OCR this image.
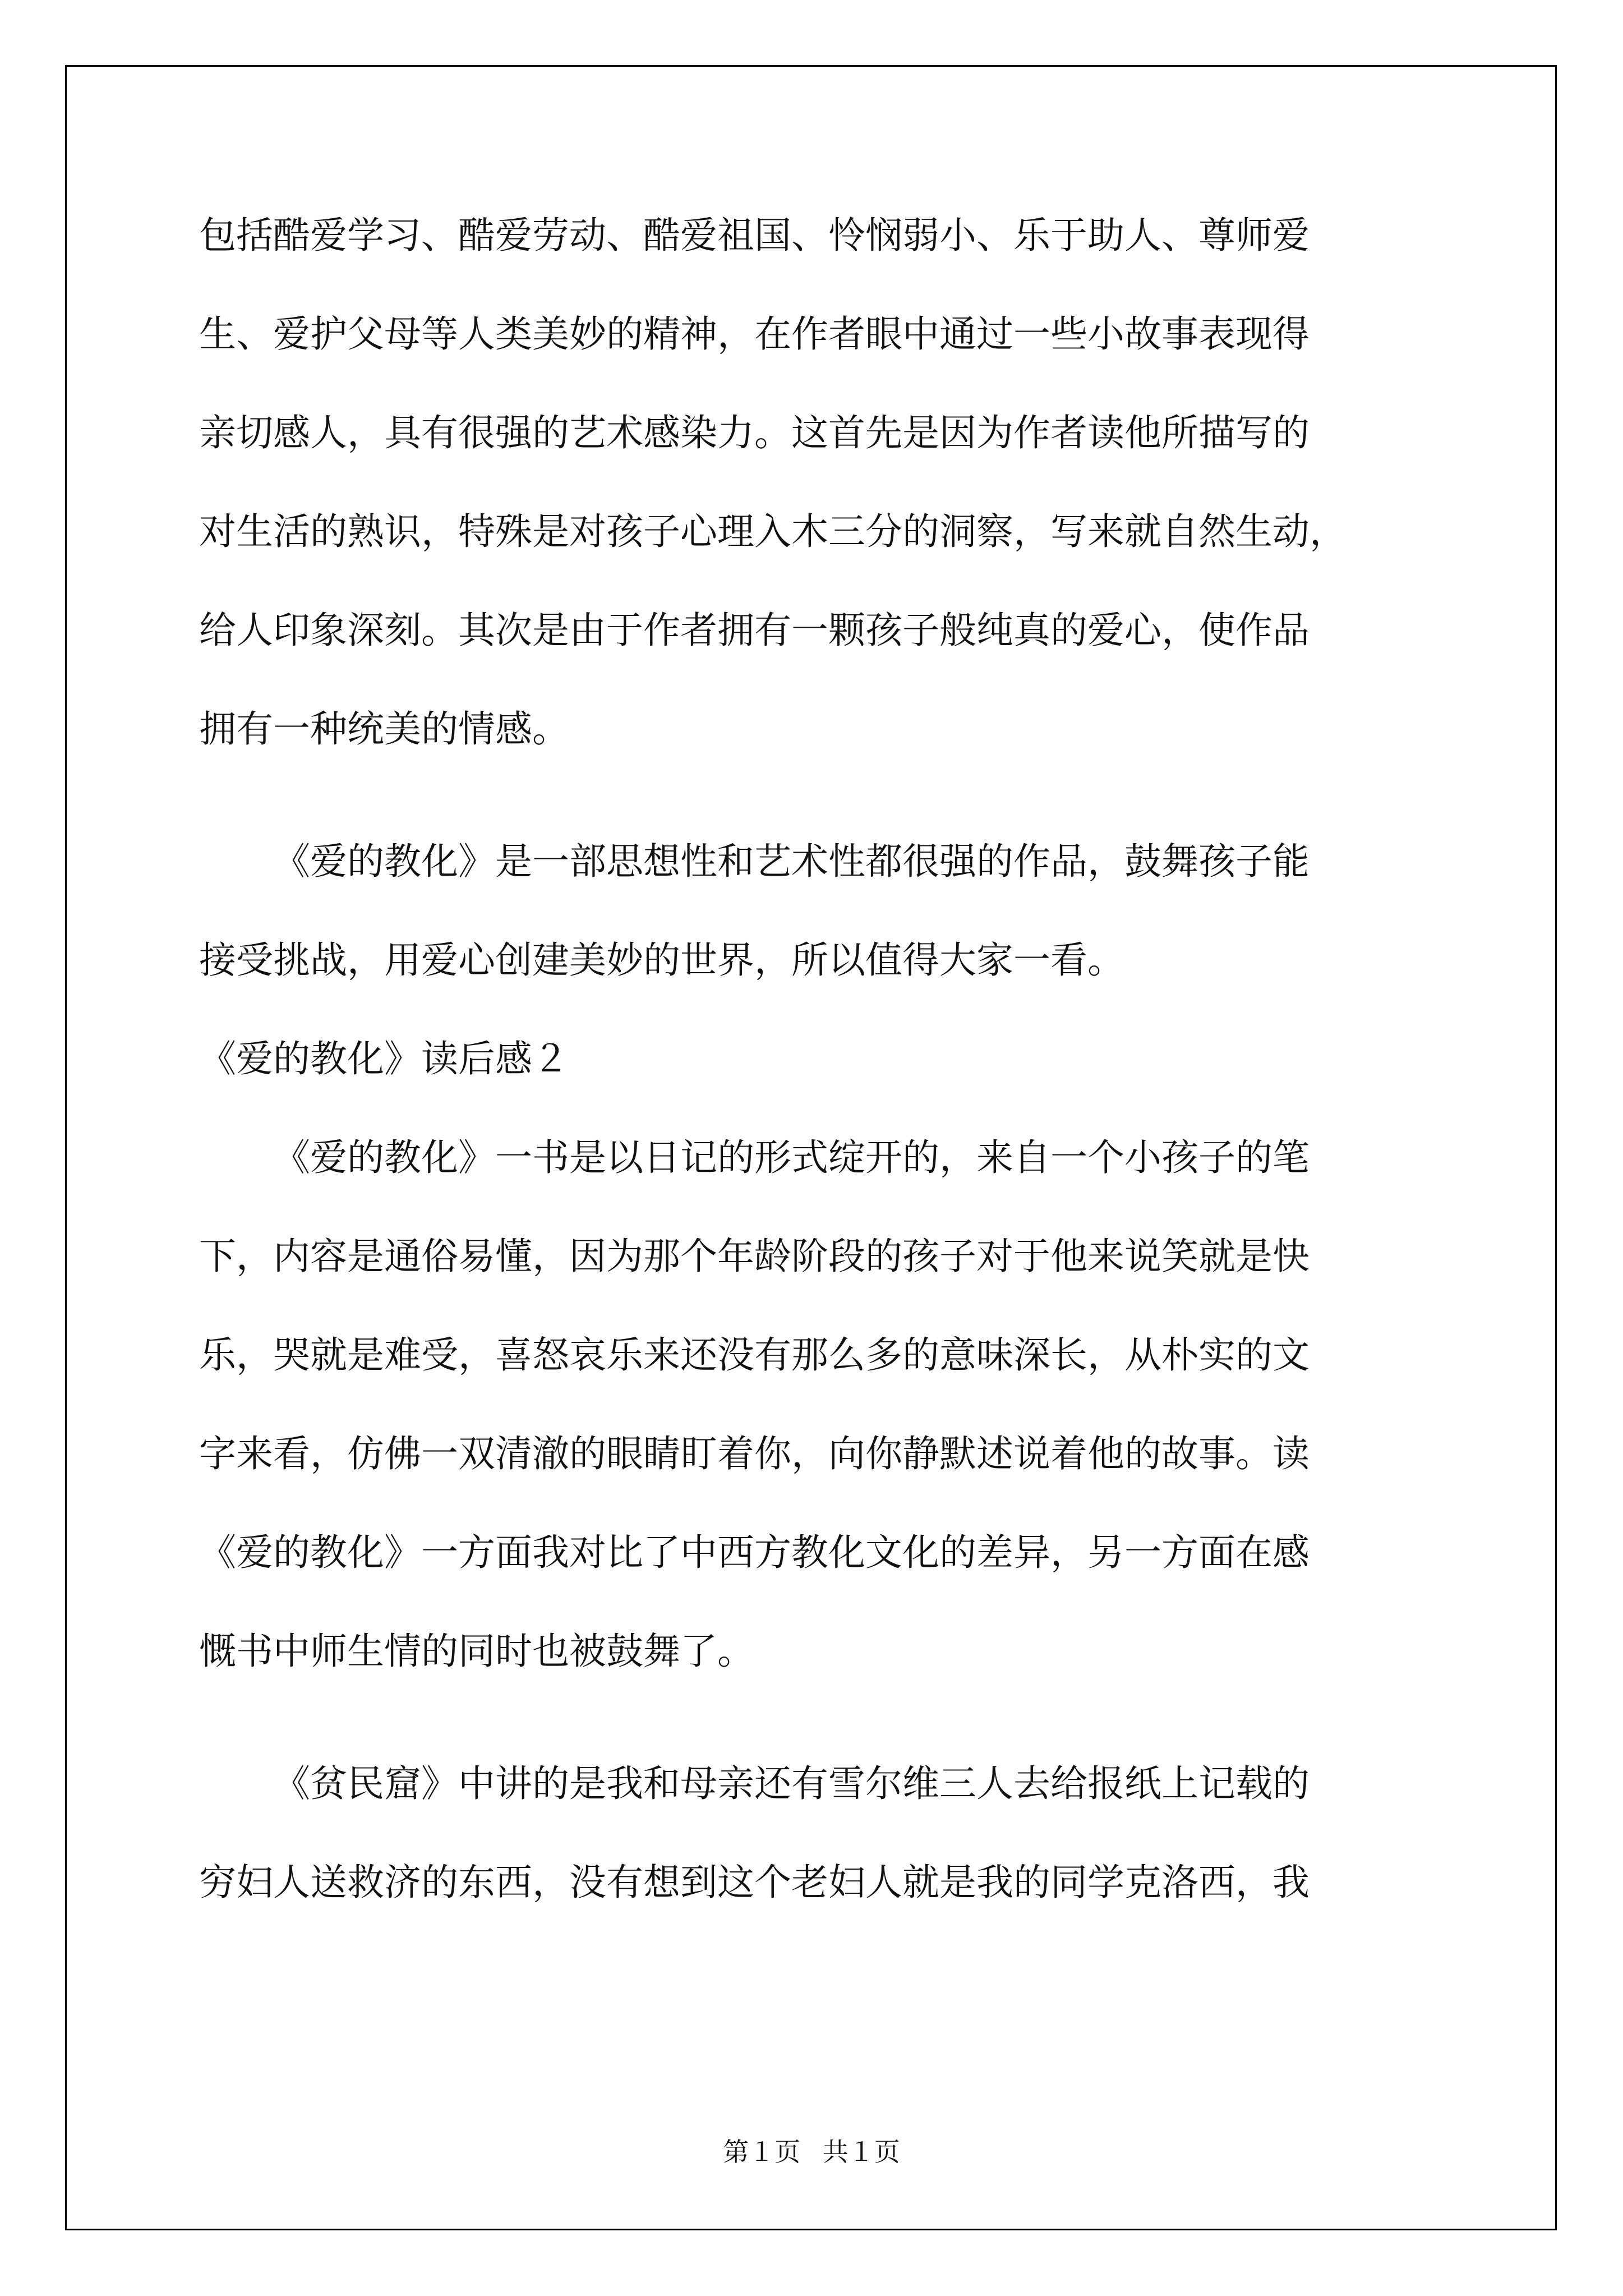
包括酷爱学习、酷爱劳动、酷爱祖国、怜悯弱小、乐于助人、尊师爱
生、爱护父母等人类美妙的精神，在作者眼中通过一些小故事表现得
亲切感人，具有很强的艺术感染力。这首先是因为作者读他所描写的
对生活的熟识，特殊是对孩子心理入木三分的洞察，写来就自然生动，
给人印象深刻。其次是由于作者拥有一颗孩子般纯真的爱心，使作品
拥有一种统美的情感。
《爱的教化》是一部思想性和艺术性都很强的作品，鼓舞孩子能
接受挑战，用爱心创建美妙的世界，所以值得大家一看。
《爱的教化》读后感２
《爱的教化》一书是以日记的形式绽开的，来自一个小孩子的笔
下，内容是通俗易懂，因为那个年龄阶段的孩子对于他来说笑就是快
乐，哭就是难受，喜怒哀乐来还没有那么多的意味深长，从朴实的文
字来看，仿佛一双清澈的眼睛盯着你，向你静默述说着他的故事。读
《爱的教化》一方面我对比了中西方教化文化的差异，另一方面在感
慨书中师生情的同时也被鼓舞了。
《贫民窟》中讲的是我和母亲还有雪尔维三人去给报纸上记载的
穷妇人送救济的东西，没有想到这个老妇人就是我的同学克洛西，我
第１页 共１页
